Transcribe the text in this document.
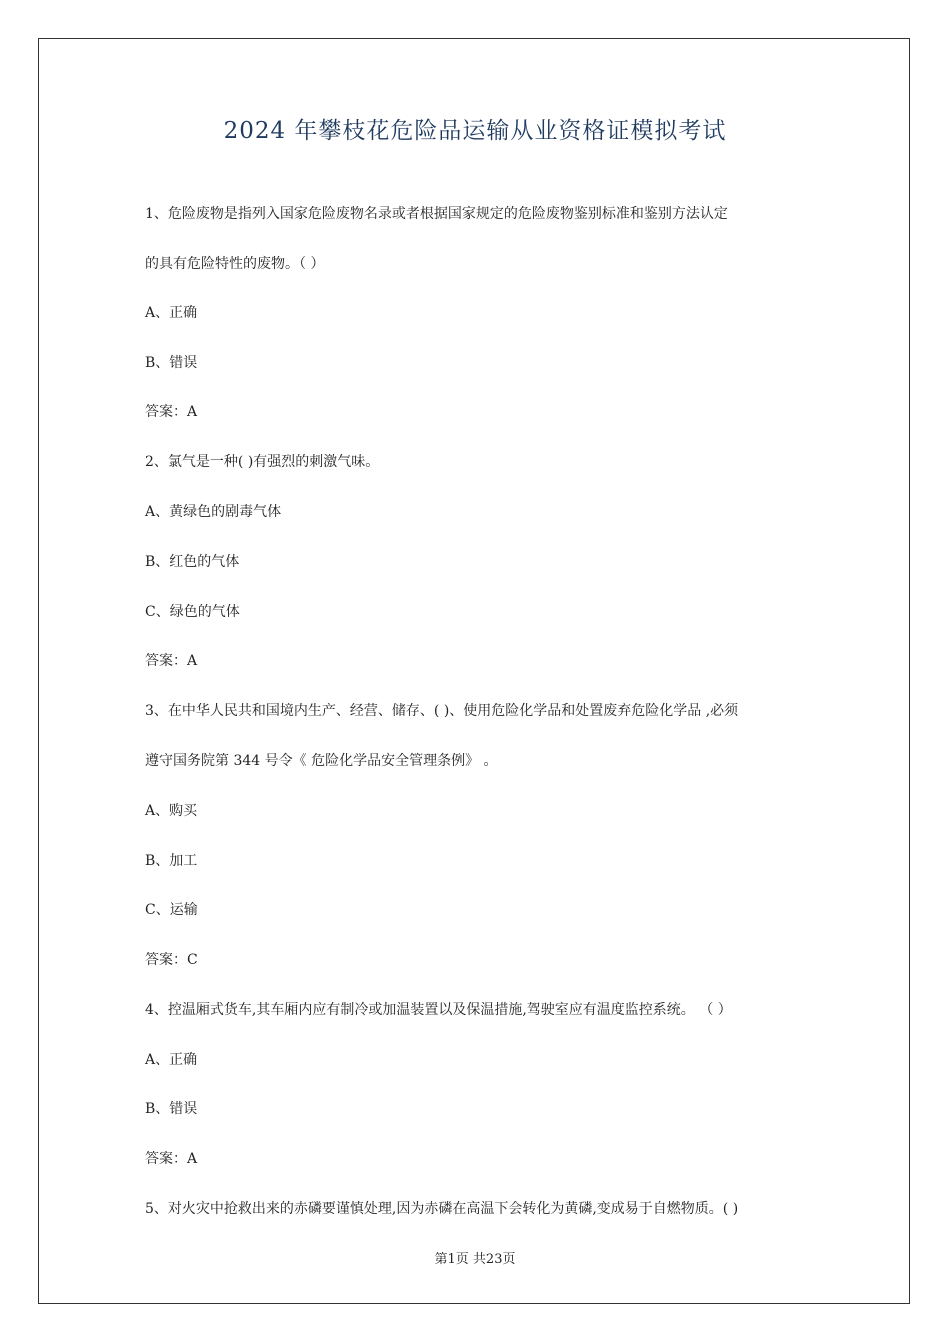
2024 年攀枝花危险品运输从业资格证模拟考试
1、危险废物是指列入国家危险废物名录或者根据国家规定的危险废物鉴别标准和鉴别方法认定
的具有危险特性的废物。（ ）
A、正确
B、错误
答案：A
2、氯气是一种( )有强烈的刺激气味。
A、黄绿色的剧毒气体
B、红色的气体
C、绿色的气体
答案：A
3、在中华人民共和国境内生产、经营、储存、( )、使用危险化学品和处置废弃危险化学品 ,必须
遵守国务院第 344 号令《 危险化学品安全管理条例》 。
A、购买
B、加工
C、运输
答案：C
4、控温厢式货车,其车厢内应有制冷或加温装置以及保温措施,驾驶室应有温度监控系统。 （ ）
A、正确
B、错误
答案：A
5、对火灾中抢救出来的赤磷要谨慎处理,因为赤磷在高温下会转化为黄磷,变成易于自燃物质。( )
第1页 共23页
